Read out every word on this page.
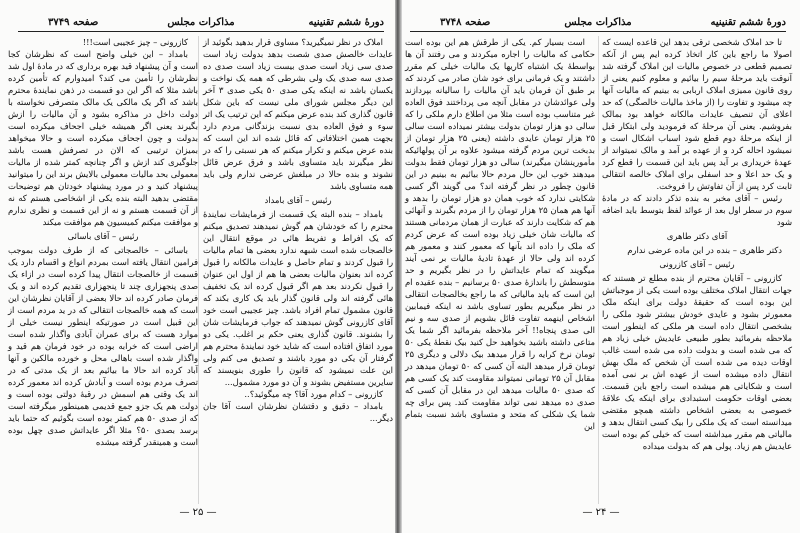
دورهٔ ششم تقنینیه
مذاکرات مجلس
صفحه ۳۷۴۹

املاک در نظر نمیگیرید؟ مساوی قرار بدهید بگوئید از عایدات خالصش صدی شصت بدهد بدولت زیاد است صدی سی زیاد است صدی بیست زیاد است صدی ده صدی سه صدی یک ولی بشرطی که همه یک نواخت و یکسان باشد نه اینکه یکی صدی ۵۰ یکی صدی ۳ آخر این دیگر مجلس شورای ملی نیست که باین شکل قانون گذاری کند بنده عرض میکنم که این ترتیب یک اثر سوء و فوق العاده بدی نسبت بزندگانی مردم دارد بجهت همین اختلافاتی که قائل شده اند این است که بنده عرض میکنم و تکرار میکنم که هر نسبتی را که در نظر میگیرند باید متساوی باشد و فرق عرض قائل نشوند و بنده حالا در مبلغش عرضی ندارم ولی باید همه متساوی باشد

رئیس – آقای بامداد

بامداد – بنده البته یک قسمت از فرمایشات نمایندهٔ محترم را که خودشان هم گوش نمیدهند تصدیق میکنم که یک افراط و تفریط هائی در موقع انتقال این خالصجات شده است شبهه ندارد بعضی ها تمام مالیات را قبول کردند و تمام حاصل و عایدات مالکانه را قبول کرده اند بعنوان مالیات بعضی ها هم از اول این عنوان را قبول نکردند بعد هم اگر قبول کرده اند یک تخفیف هائی گرفته اند ولی قانون گذار باید یک کاری بکند که قانون مشمول تمام افراد باشد. چیز عجیبی است خود آقای کازرونی گوش نمیدهند که جواب فرمایشات شان را بشنوند. قانون گذاری یعنی حکم بر اغلب. یکی دو مورد اتفاق افتاده است که شاید خود نمایندهٔ محترم هم گرفتار آن یکی دو مورد باشند و تصدیق می کنم ولی این علت نمیشود که قانون را طوری بنویسند که سایرین مستفیض بشوند و آن دو مورد مشمول...

کازرونی – کدام مورد آقا؟ چه میگوئید؟..

بامداد – دقیق و دقتشان نظرشان است آقا جان دیگر...

کازرونی – چیز عجیبی است!!!

بامداد – این خیلی واضح است که نظرشان کجا است و آن پیشنهاد قید بهره برداری که در مادهٔ اول شد نظرشان را تأمین می کند؟ امیدوارم که تأمین کرده باشد مثلا که اگر این دو قسمت در ذهن نمایندهٔ محترم باشد که اگر یک مالکی یک مالک متصرفی نخواسته با دولت داخل در مذاکره بشود و آن مالیات را ازش بگیرند یعنی اگر همیشه خیلی اجحاف میکرده است بدولت و چون اجحاف میکرده است و حالا میخواهد بمیزان ترتیبی که الان در تصرفش هست باشد جلوگیری کند ازش و اگر چنانچه کمتر شده از مالیات معمولی بحد مالیات معمولی بالایش برند این را میتوانید پیشنهاد کنید و در مورد پیشنهاد خودتان هم توضیحات مقتضی بدهید البته بنده یکی از اشخاصی هستم که نه از آن قسمت هستم و نه از این قسمت و نظری ندارم و موافقت میکنم کمیسیون هم موافقت میکند

رئیس – آقای باسائی

باسائی – خالصجاتی که از طرف دولت بموجب فرامین انتقال یافته است بمردم انواع و اقسام دارد یک قسمت از خالصجات انتقال پیدا کرده است در ازاء یک صدی پنجهزاری چند تا پنجهزاری تقدیم کرده اند و یک فرمان صادر کرده اند حالا بعضی از آقایان نظرشان این است که همه خالصجات انتقالی که در ید مردم است از این قبیل است در صورتیکه اینطور نیست خیلی از موارد هست که برای عمران آبادی واگذار شده است اراضی است که خرابه بوده در خود فرمان هم قید و واگذار شده است باهالی محل و خورده مالکین و آنها آباد کرده اند حالا ما بیائیم بعد از یک مدتی که در تصرف مردم بوده است و آبادش کرده اند معمور کرده اند یک وقتی هم اسمش در رقبهٔ دولتی بوده است و دولت هم یک جزو جمع قدیمی همینطور میگرفته است که از صدی ۵۰ هم کمتر بوده است بگوئیم که حتما باید برسد بصدی ۵۰؟ مثلا اگر عایداتش صدی چهل بوده است و همینقدر گرفته میشده

— ۲۵ —
دورهٔ ششم تقنینیه
مذاکرات مجلس
صفحه ۳۷۴۸

تا حد املاک شخصی ترقی بدهد این قاعده ایست که اصولا ما راجع باین کار اتخاذ کرده ایم پس از آنکه تصمیم قطعی در خصوص مالیات این املاک گرفته شد آنوقت باید مرحلهٔ سیم را بیائیم و معلوم کنیم یعنی از روی قانون ممیزی املاک اربابی به بینیم که مالیات آنها چه میشود و تفاوت را (از ماخذ مالیات خالصگی) که حد اعلای آن تنصیف عایدات مالکانه خواهد بود بمالک بفروشیم. یعنی آن مرحلهٔ که فرمودید ولی ابتکار قبل از اینکه مرحلهٔ دوم قطع شود اسباب اشکال است و نمیشود احاله کرد و از عهده بر آمد و مالک نمیتواند از عهدهٔ خریداری بر آید پس باید این قسمت را قطع کرد و یک حد اعلا و حد اسفلی برای املاک خالصه انتقالی ثابت کرد پس از آن تفاوتش را فروخت.

رئیس – آقای مخبر به بنده تذکر دادند که در مادهٔ سوم در سطر اول بعد از عوائد لفظ بتوسط باید اضافه شود

آقای دکتر طاهری

دکتر طاهری – بنده در این ماده عرضی ندارم

رئیس – آقای کازرونی

کازرونی – آقایان محترم از بنده مطلع تر هستند که جهات انتقال املاک مختلف بوده است یکی از موجباتش این بوده است که حقیقهٔ دولت برای اینکه ملک معمورتر بشود و عایدی خودش بیشتر شود ملکی را بشخصی انتقال داده است هر ملکی که اینطور است ملاحظه بفرمائید بطور طبیعی عایدیش خیلی زیاد هم که می شده است و بدولت داده می شده است غالب اوقات دیده می شده است آن شخص که ملک بهش انتقال داده میشده است از عهده اش بر نمی آمده است و شکایاتی هم میشده است راجع باین قسمت. بعضی اوقات حکومت استبدادی برای اینکه یک علاقهٔ خصوصی به بعضی اشخاص داشته همچو مقتضی میدانسته است که یک ملکی را بیک کسی انتقال بدهد و مالیاتی هم مقرر میداشته است که خیلی کم بوده است عایدیش هم زیاد. پولی هم که بدولت میداده

است بسیار کم. یکی از طرقش هم این بوده است حکامی که مالیات را اجاره میکردند و می رفتند آن ها بواسطهٔ یک اشتباه کاریها یک مالیات خیلی کم مقرر داشتند و یک فرمانی برای خود شان صادر می کردند که بر طبق آن فرمان باید آن مالیات را سالیانه بپردازند ولی عوائدشان در مقابل آنچه می پرداختند فوق العاده غیر متناسب بوده است مثلا من اطلاع دارم ملکی را که سالی دو هزار تومان بدولت بیشتر نمیداده است سالی ۲۵ هزار تومان عایدی داشته (یعنی ۲۵ هزار تومان از بدبخت ترین مردم گرفته میشود علاوه بر آن پولهائیکه مأمورینشان میگیرند) سالی دو هزار تومان فقط بدولت میدهند خوب این حال مردم حالا بیائیم به بینیم در این قانون چطور در نظر گرفته اند؟ می گویند اگر کسی شکایتی ندارد که خوب همان دو هزار تومان را بدهد و آنها هم همان ۲۵ هزار تومان را از مردم بگیرند و آنهائی هم که شکایت دارند که عبارت از همان مردمانی هستند که مالیات شان خیلی زیاد بوده است که عرض کردم که ملک را داده اند بآنها که معمور کنند و معمور هم کرده اند ولی حالا از عهدهٔ تادیهٔ مالیات بر نمی آیند میگویند که تمام عایداتش را در نظر بگیریم و حد متوسطش را باندازهٔ صدی ۵۰ برسانیم – بنده عقیده ام این است که باید مالیاتی که ما راجع بخالصجات انتقالی در نظر میگیریم بطور تساوی باشد نه اینکه فیمابین اشخاص اینهمه تفاوت قائل بشویم از صدی سه و نیم الی صدی پنجاه!! آخر ملاحظه بفرمائید اگر شما یک متاعی داشته باشید بخواهید حل کنید بیک نقطهٔ یکی ۵۰ تومان نرخ کرایه را قرار میدهد بیک دلالی و دیگری ۲۵ تومان قرار میدهد البته آن کسی که ۵۰ تومان میدهد در مقابل آن ۲۵ تومانی نمیتواند مقاومت کند یک کسی هم که صدی ۵۰ مالیات میدهد این در مقابل آن کسی که صدی ده میدهد نمی تواند مقاومت کند. پس برای چه شما یک شکلی که متحد و متساوی باشد نسبت بتمام این

— ۲۴ —
